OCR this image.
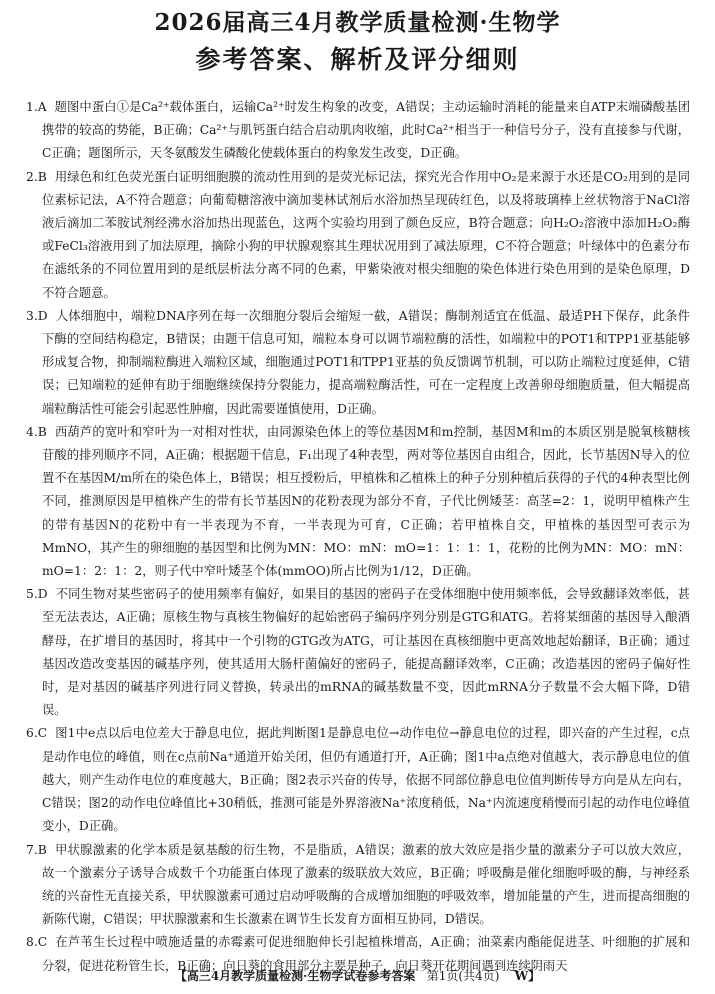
2026届高三4月教学质量检测·生物学
参考答案、解析及评分细则

1.A 题图中蛋白①是Ca²⁺载体蛋白，运输Ca²⁺时发生构象的改变，A错误；主动运输时消耗的能量来自ATP末端磷酸基团携带的较高的势能，B正确；Ca²⁺与肌钙蛋白结合启动肌肉收缩，此时Ca²⁺相当于一种信号分子，没有直接参与代谢，C正确；题图所示，天冬氨酸发生磷酸化使载体蛋白的构象发生改变，D正确。

2.B 用绿色和红色荧光蛋白证明细胞膜的流动性用到的是荧光标记法，探究光合作用中O₂是来源于水还是CO₂用到的是同位素标记法，A不符合题意；向葡萄糖溶液中滴加斐林试剂后水浴加热呈现砖红色，以及将玻璃棒上丝状物溶于NaCl溶液后滴加二苯胺试剂经沸水浴加热出现蓝色，这两个实验均用到了颜色反应，B符合题意；向H₂O₂溶液中添加H₂O₂酶或FeCl₃溶液用到了加法原理，摘除小狗的甲状腺观察其生理状况用到了减法原理，C不符合题意；叶绿体中的色素分布在滤纸条的不同位置用到的是纸层析法分离不同的色素，甲紫染液对根尖细胞的染色体进行染色用到的是染色原理，D不符合题意。

3.D 人体细胞中，端粒DNA序列在每一次细胞分裂后会缩短一截，A错误；酶制剂适宜在低温、最适PH下保存，此条件下酶的空间结构稳定，B错误；由题干信息可知，端粒本身可以调节端粒酶的活性，如端粒中的POT1和TPP1亚基能够形成复合物，抑制端粒酶进入端粒区域，细胞通过POT1和TPP1亚基的负反馈调节机制，可以防止端粒过度延伸，C错误；已知端粒的延伸有助于细胞继续保持分裂能力，提高端粒酶活性，可在一定程度上改善卵母细胞质量，但大幅提高端粒酶活性可能会引起恶性肿瘤，因此需要谨慎使用，D正确。

4.B 西葫芦的宽叶和窄叶为一对相对性状，由同源染色体上的等位基因M和m控制，基因M和m的本质区别是脱氧核糖核苷酸的排列顺序不同，A正确；根据题干信息，F₁出现了4种表型，两对等位基因自由组合，因此，长节基因N导入的位置不在基因M/m所在的染色体上，B错误；相互授粉后，甲植株和乙植株上的种子分别种植后获得的子代的4种表型比例不同，推测原因是甲植株产生的带有长节基因N的花粉表现为部分不育，子代比例矮茎：高茎=2：1，说明甲植株产生的带有基因N的花粉中有一半表现为不育，一半表现为可育，C正确；若甲植株自交，甲植株的基因型可表示为MmNO，其产生的卵细胞的基因型和比例为MN：MO：mN：mO=1：1：1：1，花粉的比例为MN：MO：mN：mO=1：2：1：2，则子代中窄叶矮茎个体(mmOO)所占比例为1/12，D正确。

5.D 不同生物对某些密码子的使用频率有偏好，如果目的基因的密码子在受体细胞中使用频率低，会导致翻译效率低，甚至无法表达，A正确；原核生物与真核生物偏好的起始密码子编码序列分别是GTG和ATG。若将某细菌的基因导入酿酒酵母，在扩增目的基因时，将其中一个引物的GTG改为ATG，可让基因在真核细胞中更高效地起始翻译，B正确；通过基因改造改变基因的碱基序列，使其适用大肠杆菌偏好的密码子，能提高翻译效率，C正确；改造基因的密码子偏好性时，是对基因的碱基序列进行同义替换，转录出的mRNA的碱基数量不变，因此mRNA分子数量不会大幅下降，D错误。

6.C 图1中e点以后电位差大于静息电位，据此判断图1是静息电位→动作电位→静息电位的过程，即兴奋的产生过程，c点是动作电位的峰值，则在c点前Na⁺通道开始关闭，但仍有通道打开，A正确；图1中a点绝对值越大，表示静息电位的值越大，则产生动作电位的难度越大，B正确；图2表示兴奋的传导，依据不同部位静息电位值判断传导方向是从左向右，C错误；图2的动作电位峰值比+30稍低，推测可能是外界溶液Na⁺浓度稍低，Na⁺内流速度稍慢而引起的动作电位峰值变小，D正确。

7.B 甲状腺激素的化学本质是氨基酸的衍生物，不是脂质，A错误；激素的放大效应是指少量的激素分子可以放大效应，故一个激素分子诱导合成数千个功能蛋白体现了激素的级联放大效应，B正确；呼吸酶是催化细胞呼吸的酶，与神经系统的兴奋性无直接关系，甲状腺激素可通过启动呼吸酶的合成增加细胞的呼吸效率，增加能量的产生，进而提高细胞的新陈代谢，C错误；甲状腺激素和生长激素在调节生长发育方面相互协同，D错误。

8.C 在芦苇生长过程中喷施适量的赤霉素可促进细胞伸长引起植株增高，A正确；油菜素内酯能促进茎、叶细胞的扩展和分裂，促进花粉管生长，B正确；向日葵的食用部分主要是种子，向日葵开花期间遇到连续阴雨天

【高三4月教学质量检测·生物学试卷参考答案 第1页(共4页) W】
